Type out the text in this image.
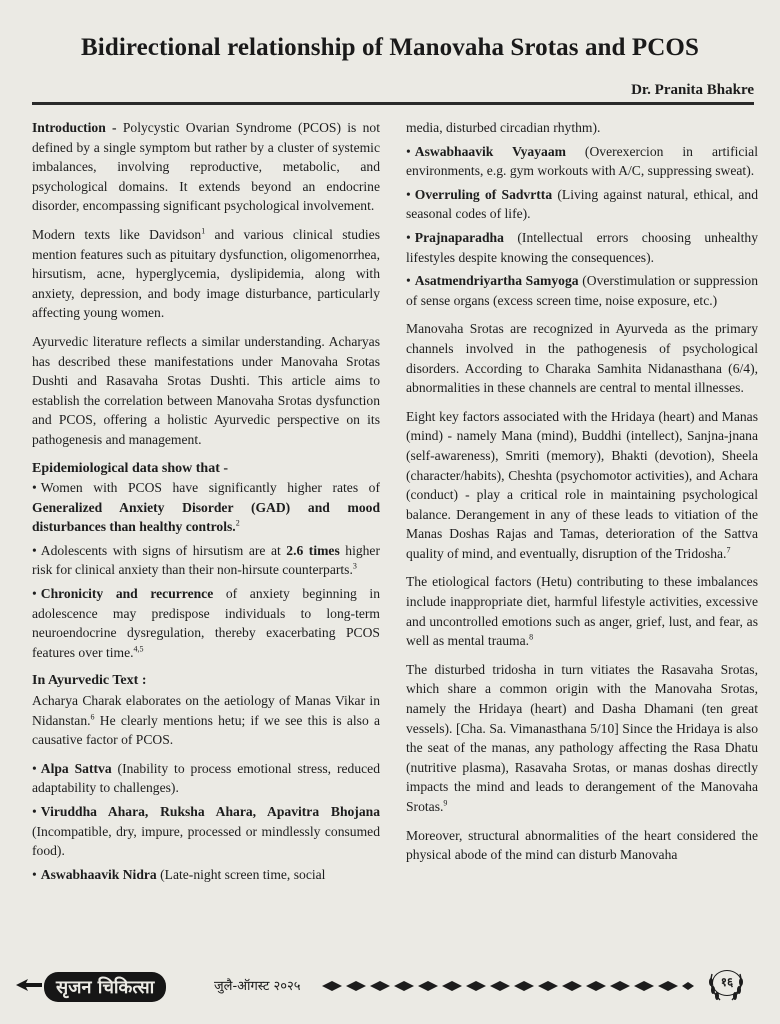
Bidirectional relationship of Manovaha Srotas and PCOS
Dr. Pranita Bhakre

Introduction - Polycystic Ovarian Syndrome (PCOS) is not defined by a single symptom but rather by a cluster of systemic imbalances, involving reproductive, metabolic, and psychological domains. It extends beyond an endocrine disorder, encompassing significant psychological involvement.

Modern texts like Davidson$^1$ and various clinical studies mention features such as pituitary dysfunction, oligomenorrhea, hirsutism, acne, hyperglycemia, dyslipidemia, along with anxiety, depression, and body image disturbance, particularly affecting young women.

Ayurvedic literature reflects a similar understanding. Acharyas has described these manifestations under Manovaha Srotas Dushti and Rasavaha Srotas Dushti. This article aims to establish the correlation between Manovaha Srotas dysfunction and PCOS, offering a holistic Ayurvedic perspective on its pathogenesis and management.

Epidemiological data show that -

• Women with PCOS have significantly higher rates of Generalized Anxiety Disorder (GAD) and mood disturbances than healthy controls.$^2$

• Adolescents with signs of hirsutism are at 2.6 times higher risk for clinical anxiety than their non-hirsute counterparts.$^3$

• Chronicity and recurrence of anxiety beginning in adolescence may predispose individuals to long-term neuroendocrine dysregulation, thereby exacerbating PCOS features over time.$^{4,5}$

In Ayurvedic Text :

Acharya Charak elaborates on the aetiology of Manas Vikar in Nidanstan.$^6$ He clearly mentions hetu; if we see this is also a causative factor of PCOS.

• Alpa Sattva (Inability to process emotional stress, reduced adaptability to challenges).

• Viruddha Ahara, Ruksha Ahara, Apavitra Bhojana (Incompatible, dry, impure, processed or mindlessly consumed food).

• Aswabhaavik Nidra (Late-night screen time, social

media, disturbed circadian rhythm).

• Aswabhaavik Vyayaam (Overexercion in artificial environments, e.g. gym workouts with A/C, suppressing sweat).

• Overruling of Sadvrtta (Living against natural, ethical, and seasonal codes of life).

• Prajnaparadha (Intellectual errors choosing unhealthy lifestyles despite knowing the consequences).

• Asatmendriyartha Samyoga (Overstimulation or suppression of sense organs (excess screen time, noise exposure, etc.)

Manovaha Srotas are recognized in Ayurveda as the primary channels involved in the pathogenesis of psychological disorders. According to Charaka Samhita Nidanasthana (6/4), abnormalities in these channels are central to mental illnesses.

Eight key factors associated with the Hridaya (heart) and Manas (mind) - namely Mana (mind), Buddhi (intellect), Sanjna-jnana (self-awareness), Smriti (memory), Bhakti (devotion), Sheela (character/habits), Cheshta (psychomotor activities), and Achara (conduct) - play a critical role in maintaining psychological balance. Derangement in any of these leads to vitiation of the Manas Doshas Rajas and Tamas, deterioration of the Sattva quality of mind, and eventually, disruption of the Tridosha.$^7$

The etiological factors (Hetu) contributing to these imbalances include inappropriate diet, harmful lifestyle activities, excessive and uncontrolled emotions such as anger, grief, lust, and fear, as well as mental trauma.$^8$

The disturbed tridosha in turn vitiates the Rasavaha Srotas, which share a common origin with the Manovaha Srotas, namely the Hridaya (heart) and Dasha Dhamani (ten great vessels). [Cha. Sa. Vimanasthana 5/10] Since the Hridaya is also the seat of the manas, any pathology affecting the Rasa Dhatu (nutritive plasma), Rasavaha Srotas, or manas doshas directly impacts the mind and leads to derangement of the Manovaha Srotas.$^9$

Moreover, structural abnormalities of the heart considered the physical abode of the mind can disturb Manovaha

सृजन चिकित्सा	जुलै-ऑगस्ट २०२५	१६
